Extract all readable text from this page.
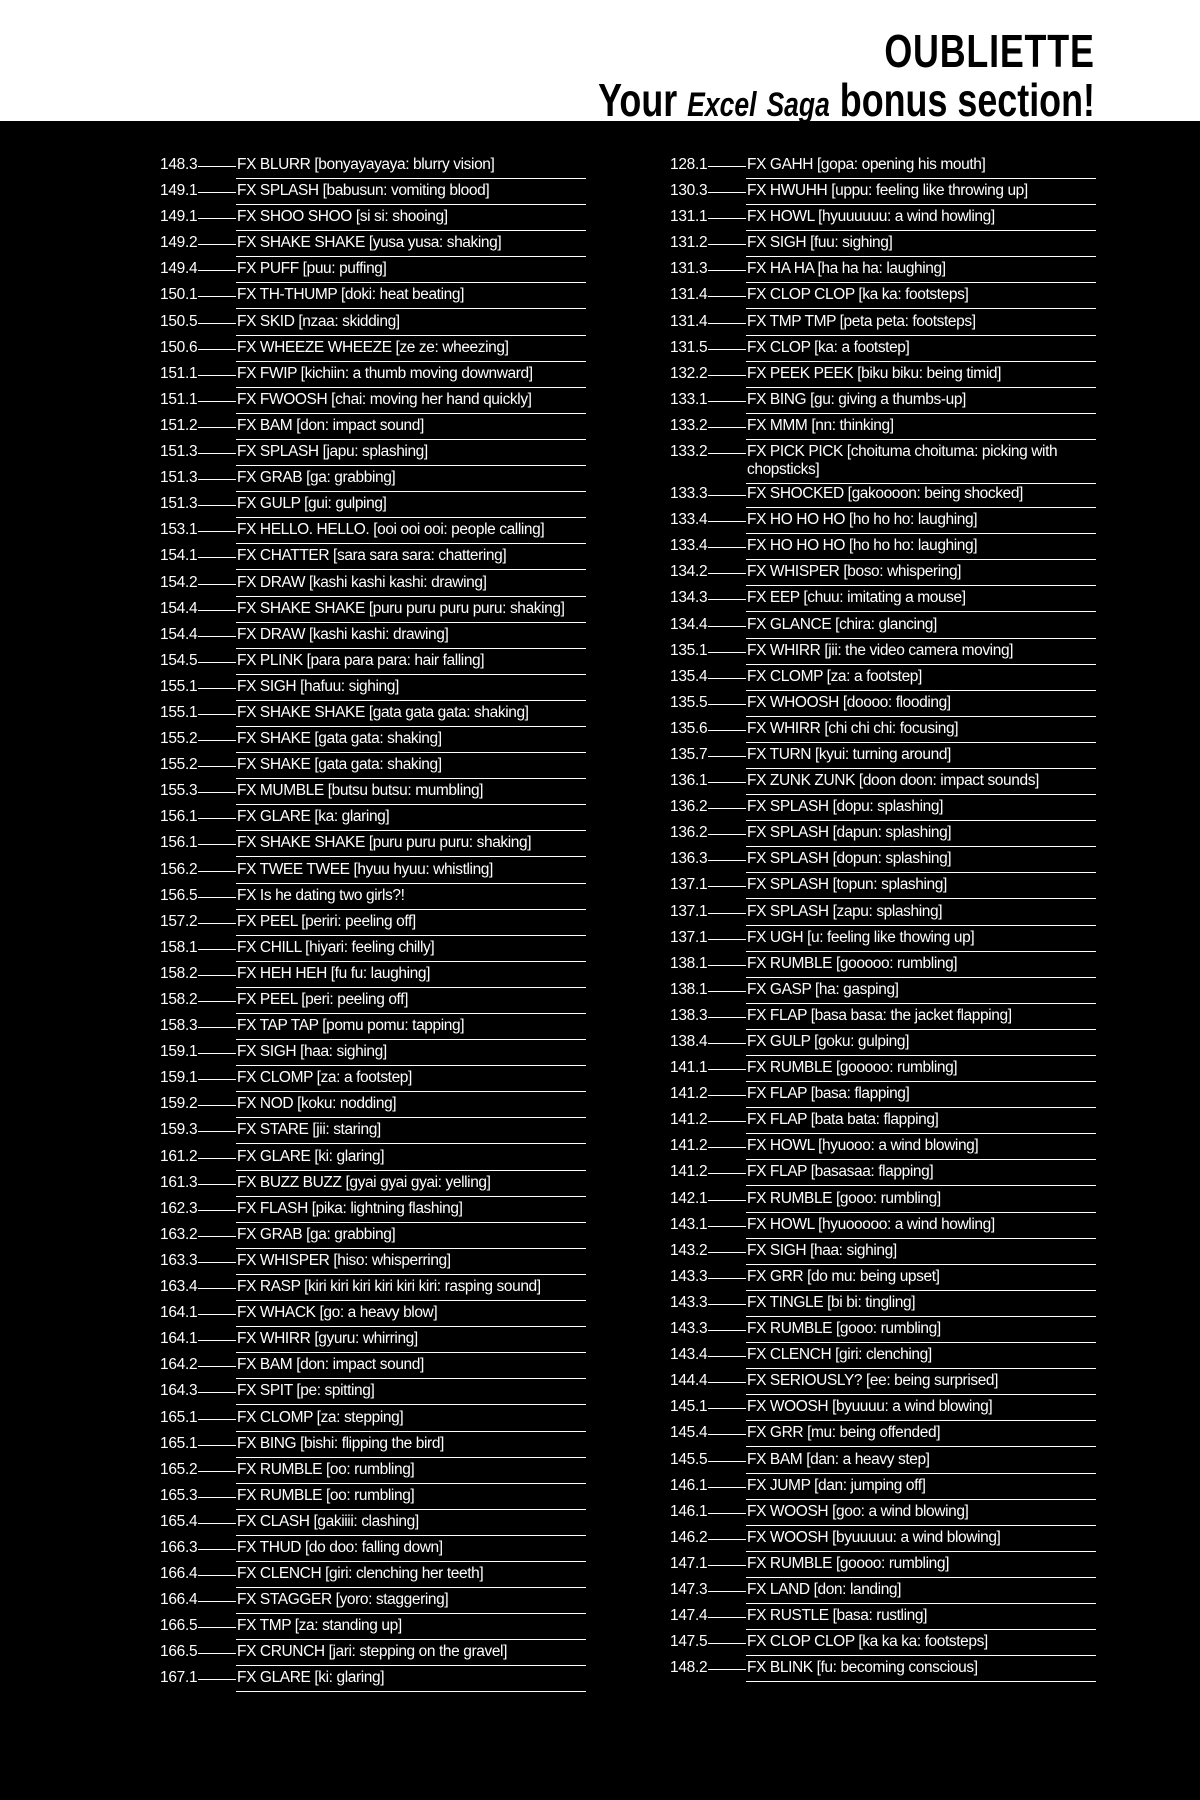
OUBLIETTE
Your Excel Saga bonus section!
148.3	FX BLURR [bonyayayaya: blurry vision]
149.1	FX SPLASH [babusun: vomiting blood]
149.1	FX SHOO SHOO [si si: shooing]
149.2	FX SHAKE SHAKE [yusa yusa: shaking]
149.4	FX PUFF [puu: puffing]
150.1	FX TH-THUMP [doki: heat beating]
150.5	FX SKID [nzaa: skidding]
150.6	FX WHEEZE WHEEZE [ze ze: wheezing]
151.1	FX FWIP [kichiin: a thumb moving downward]
151.1	FX FWOOSH [chai: moving her hand quickly]
151.2	FX BAM [don: impact sound]
151.3	FX SPLASH [japu: splashing]
151.3	FX GRAB [ga: grabbing]
151.3	FX GULP [gui: gulping]
153.1	FX HELLO. HELLO. [ooi ooi ooi: people calling]
154.1	FX CHATTER [sara sara sara: chattering]
154.2	FX DRAW [kashi kashi kashi: drawing]
154.4	FX SHAKE SHAKE [puru puru puru puru: shaking]
154.4	FX DRAW [kashi kashi: drawing]
154.5	FX PLINK [para para para: hair falling]
155.1	FX SIGH [hafuu: sighing]
155.1	FX SHAKE SHAKE [gata gata gata: shaking]
155.2	FX SHAKE [gata gata: shaking]
155.2	FX SHAKE [gata gata: shaking]
155.3	FX MUMBLE [butsu butsu: mumbling]
156.1	FX GLARE [ka: glaring]
156.1	FX SHAKE SHAKE [puru puru puru: shaking]
156.2	FX TWEE TWEE [hyuu hyuu: whistling]
156.5	FX Is he dating two girls?!
157.2	FX PEEL [periri: peeling off]
158.1	FX CHILL [hiyari: feeling chilly]
158.2	FX HEH HEH [fu fu: laughing]
158.2	FX PEEL [peri: peeling off]
158.3	FX TAP TAP [pomu pomu: tapping]
159.1	FX SIGH [haa: sighing]
159.1	FX CLOMP [za: a footstep]
159.2	FX NOD [koku: nodding]
159.3	FX STARE [jii: staring]
161.2	FX GLARE [ki: glaring]
161.3	FX BUZZ BUZZ [gyai gyai gyai: yelling]
162.3	FX FLASH [pika: lightning flashing]
163.2	FX GRAB [ga: grabbing]
163.3	FX WHISPER [hiso: whisperring]
163.4	FX RASP [kiri kiri kiri kiri kiri kiri: rasping sound]
164.1	FX WHACK [go: a heavy blow]
164.1	FX WHIRR [gyuru: whirring]
164.2	FX BAM [don: impact sound]
164.3	FX SPIT [pe: spitting]
165.1	FX CLOMP [za: stepping]
165.1	FX BING [bishi: flipping the bird]
165.2	FX RUMBLE [oo: rumbling]
165.3	FX RUMBLE [oo: rumbling]
165.4	FX CLASH [gakiiii: clashing]
166.3	FX THUD [do doo: falling down]
166.4	FX CLENCH [giri: clenching her teeth]
166.4	FX STAGGER [yoro: staggering]
166.5	FX TMP [za: standing up]
166.5	FX CRUNCH [jari: stepping on the gravel]
167.1	FX GLARE [ki: glaring]
128.1	FX GAHH [gopa: opening his mouth]
130.3	FX HWUHH [uppu: feeling like throwing up]
131.1	FX HOWL [hyuuuuuu: a wind howling]
131.2	FX SIGH [fuu: sighing]
131.3	FX HA HA [ha ha ha: laughing]
131.4	FX CLOP CLOP [ka ka: footsteps]
131.4	FX TMP TMP [peta peta: footsteps]
131.5	FX CLOP [ka: a footstep]
132.2	FX PEEK PEEK [biku biku: being timid]
133.1	FX BING [gu: giving a thumbs-up]
133.2	FX MMM [nn: thinking]
133.2	FX PICK PICK [choituma choituma: picking with chopsticks]
133.3	FX SHOCKED [gakoooon: being shocked]
133.4	FX HO HO HO [ho ho ho: laughing]
133.4	FX HO HO HO [ho ho ho: laughing]
134.2	FX WHISPER [boso: whispering]
134.3	FX EEP [chuu: imitating a mouse]
134.4	FX GLANCE [chira: glancing]
135.1	FX WHIRR [jii: the video camera moving]
135.4	FX CLOMP [za: a footstep]
135.5	FX WHOOSH [doooo: flooding]
135.6	FX WHIRR [chi chi chi: focusing]
135.7	FX TURN [kyui: turning around]
136.1	FX ZUNK ZUNK [doon doon: impact sounds]
136.2	FX SPLASH [dopu: splashing]
136.2	FX SPLASH [dapun: splashing]
136.3	FX SPLASH [dopun: splashing]
137.1	FX SPLASH [topun: splashing]
137.1	FX SPLASH [zapu: splashing]
137.1	FX UGH [u: feeling like thowing up]
138.1	FX RUMBLE [gooooo: rumbling]
138.1	FX GASP [ha: gasping]
138.3	FX FLAP [basa basa: the jacket flapping]
138.4	FX GULP [goku: gulping]
141.1	FX RUMBLE [gooooo: rumbling]
141.2	FX FLAP [basa: flapping]
141.2	FX FLAP [bata bata: flapping]
141.2	FX HOWL [hyuooo: a wind blowing]
141.2	FX FLAP [basasaa: flapping]
142.1	FX RUMBLE [gooo: rumbling]
143.1	FX HOWL [hyuooooo: a wind howling]
143.2	FX SIGH [haa: sighing]
143.3	FX GRR [do mu: being upset]
143.3	FX TINGLE [bi bi: tingling]
143.3	FX RUMBLE [gooo: rumbling]
143.4	FX CLENCH [giri: clenching]
144.4	FX SERIOUSLY? [ee: being surprised]
145.1	FX WOOSH [byuuuu: a wind blowing]
145.4	FX GRR [mu: being offended]
145.5	FX BAM [dan: a heavy step]
146.1	FX JUMP [dan: jumping off]
146.1	FX WOOSH [goo: a wind blowing]
146.2	FX WOOSH [byuuuuu: a wind blowing]
147.1	FX RUMBLE [goooo: rumbling]
147.3	FX LAND [don: landing]
147.4	FX RUSTLE [basa: rustling]
147.5	FX CLOP CLOP [ka ka ka: footsteps]
148.2	FX BLINK [fu: becoming conscious]
